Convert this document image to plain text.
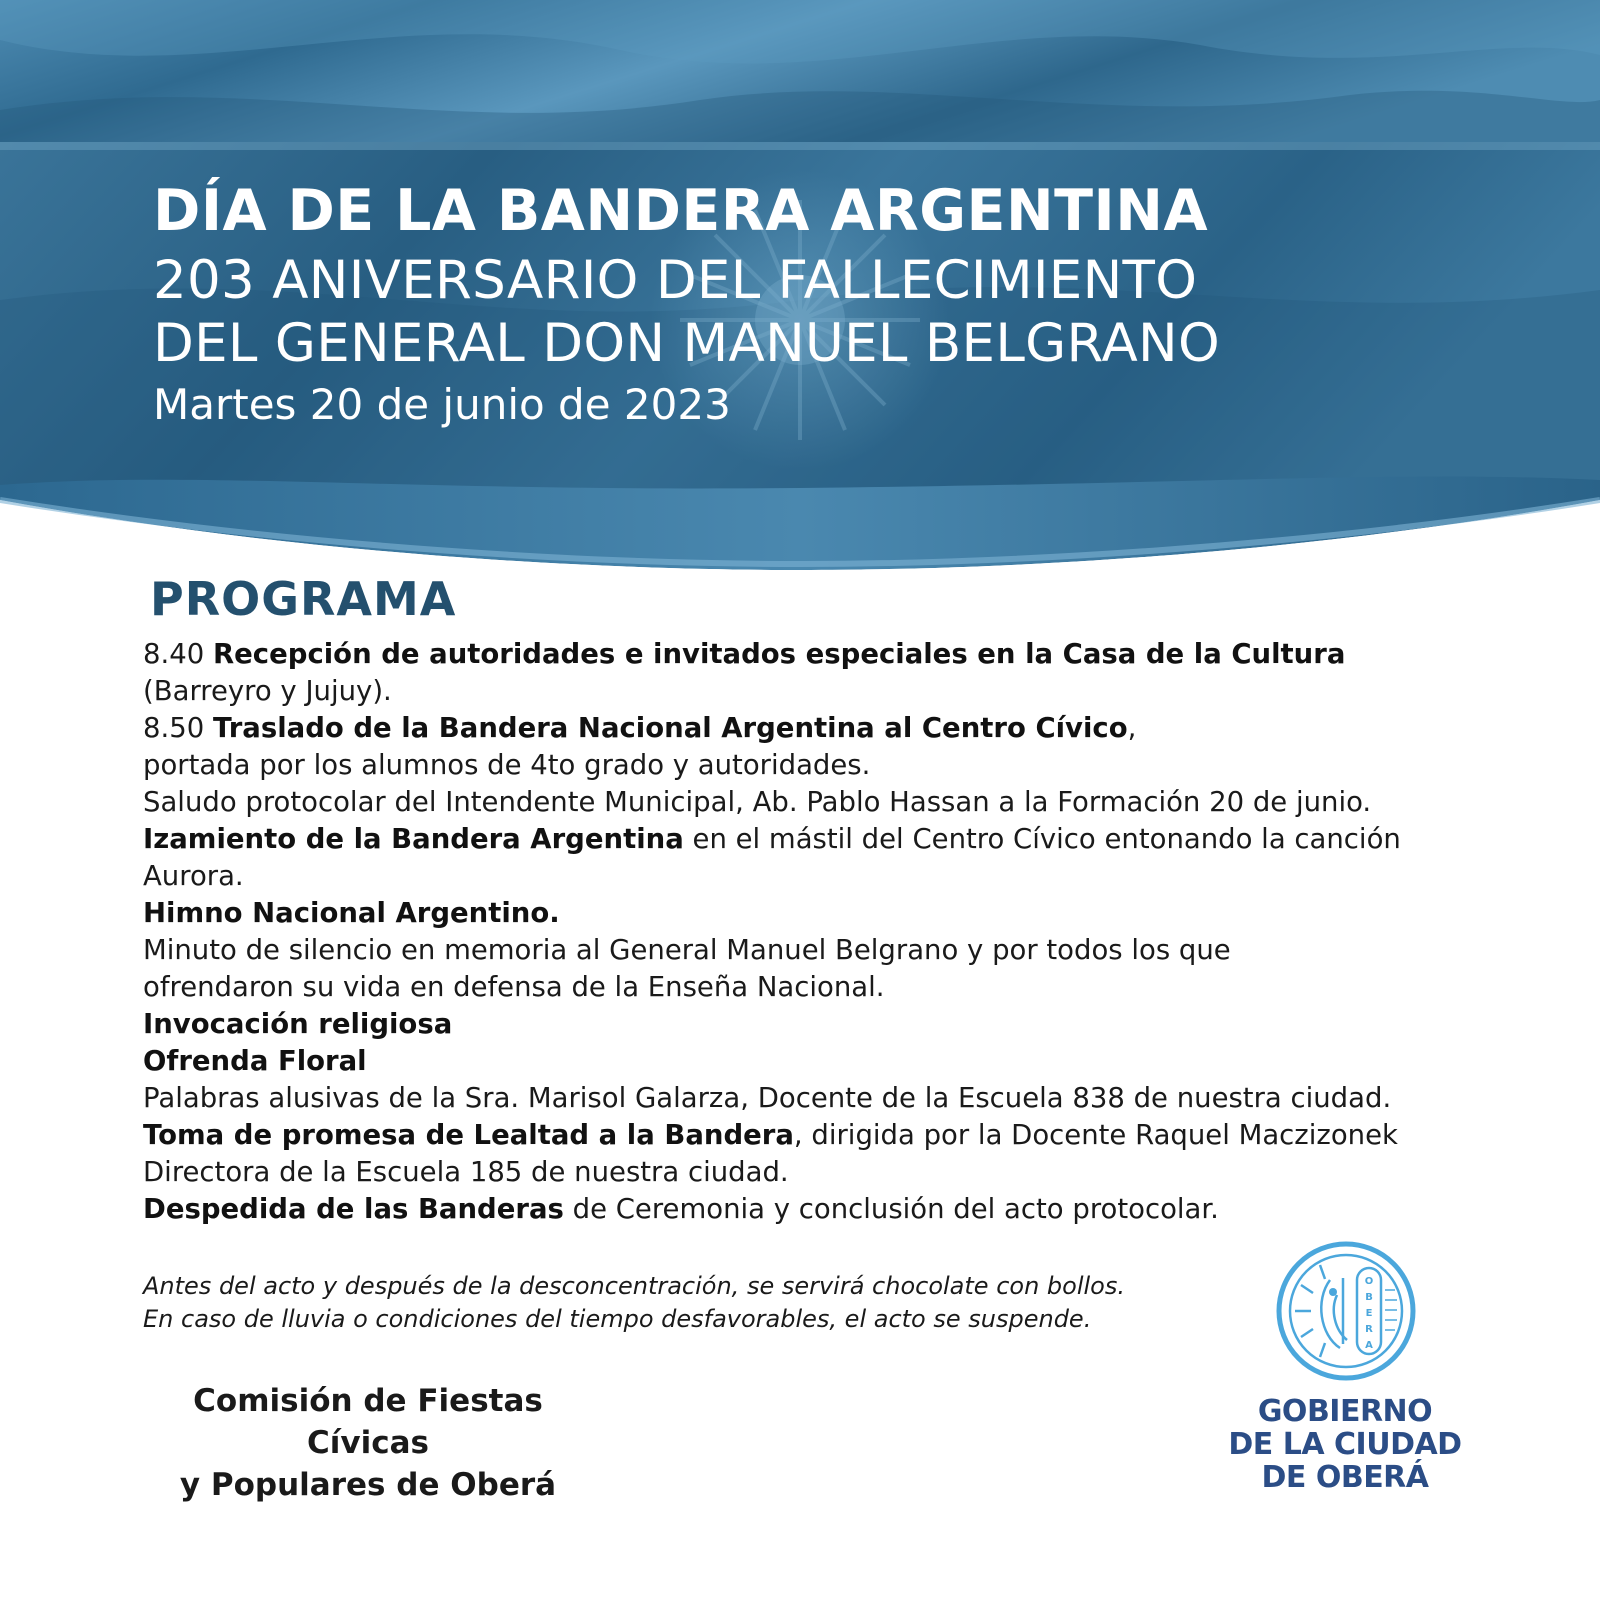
DÍA DE LA BANDERA ARGENTINA
203 ANIVERSARIO DEL FALLECIMIENTO
DEL GENERAL DON MANUEL BELGRANO
Martes 20 de junio de 2023
PROGRAMA

8.40 Recepción de autoridades e invitados especiales en la Casa de la Cultura

(Barreyro y Jujuy).

8.50 Traslado de la Bandera Nacional Argentina al Centro Cívico,

portada por los alumnos de 4to grado y autoridades.

Saludo protocolar del Intendente Municipal, Ab. Pablo Hassan a la Formación 20 de junio.

Izamiento de la Bandera Argentina en el mástil del Centro Cívico entonando la canción

Aurora.

Himno Nacional Argentino.

Minuto de silencio en memoria al General Manuel Belgrano y por todos los que

ofrendaron su vida en defensa de la Enseña Nacional.

Invocación religiosa

Ofrenda Floral

Palabras alusivas de la Sra. Marisol Galarza, Docente de la Escuela 838 de nuestra ciudad.

Toma de promesa de Lealtad a la Bandera, dirigida por la Docente Raquel Maczizonek

Directora de la Escuela 185 de nuestra ciudad.

Despedida de las Banderas de Ceremonia y conclusión del acto protocolar.

Antes del acto y después de la desconcentración, se servirá chocolate con bollos.

En caso de lluvia o condiciones del tiempo desfavorables, el acto se suspende.

Comisión de Fiestas Cívicas

y Populares de Oberá

O
B
E
R
A

GOBIERNO

DE LA CIUDAD

DE OBERÁ
